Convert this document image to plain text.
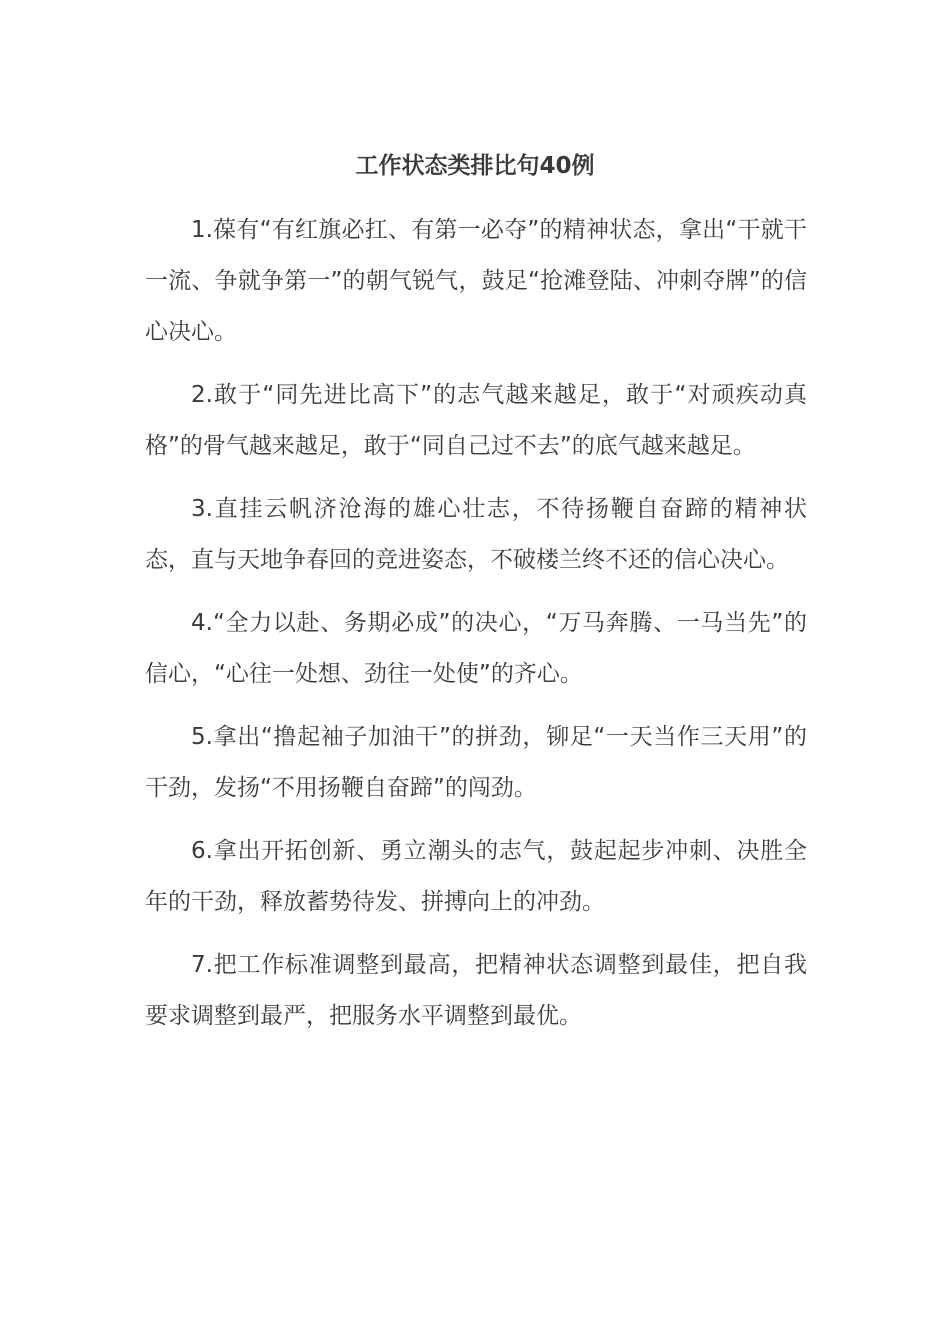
工作状态类排比句40例

1.葆有“有红旗必扛、有第一必夺”的精神状态，拿出“干就干一流、争就争第一”的朝气锐气，鼓足“抢滩登陆、冲刺夺牌”的信心决心。

2.敢于“同先进比高下”的志气越来越足，敢于“对顽疾动真格”的骨气越来越足，敢于“同自己过不去”的底气越来越足。

3.直挂云帆济沧海的雄心壮志，不待扬鞭自奋蹄的精神状态，直与天地争春回的竞进姿态，不破楼兰终不还的信心决心。

4.“全力以赴、务期必成”的决心，“万马奔腾、一马当先”的信心，“心往一处想、劲往一处使”的齐心。

5.拿出“撸起袖子加油干”的拼劲，铆足“一天当作三天用”的干劲，发扬“不用扬鞭自奋蹄”的闯劲。

6.拿出开拓创新、勇立潮头的志气，鼓起起步冲刺、决胜全年的干劲，释放蓄势待发、拼搏向上的冲劲。

7.把工作标准调整到最高，把精神状态调整到最佳，把自我要求调整到最严，把服务水平调整到最优。
